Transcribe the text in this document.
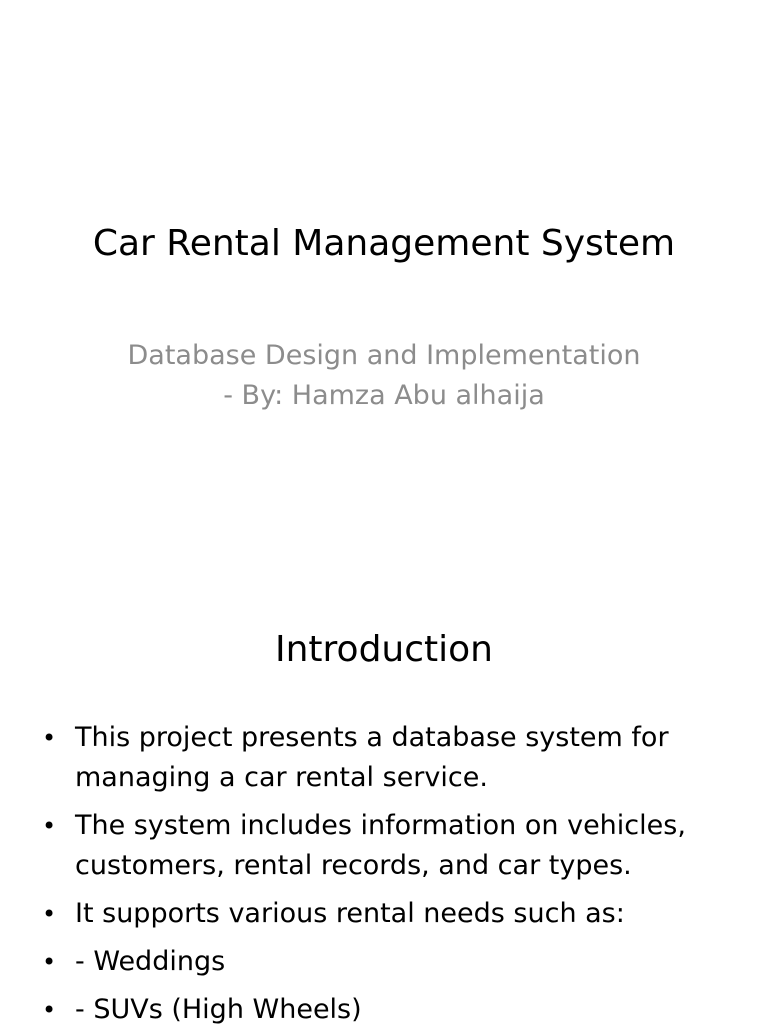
Car Rental Management System
Database Design and Implementation
- By: Hamza Abu alhaija
Introduction
• This project presents a database system for managing a car rental service.
• The system includes information on vehicles, customers, rental records, and car types.
• It supports various rental needs such as:
• - Weddings
• - SUVs (High Wheels)
